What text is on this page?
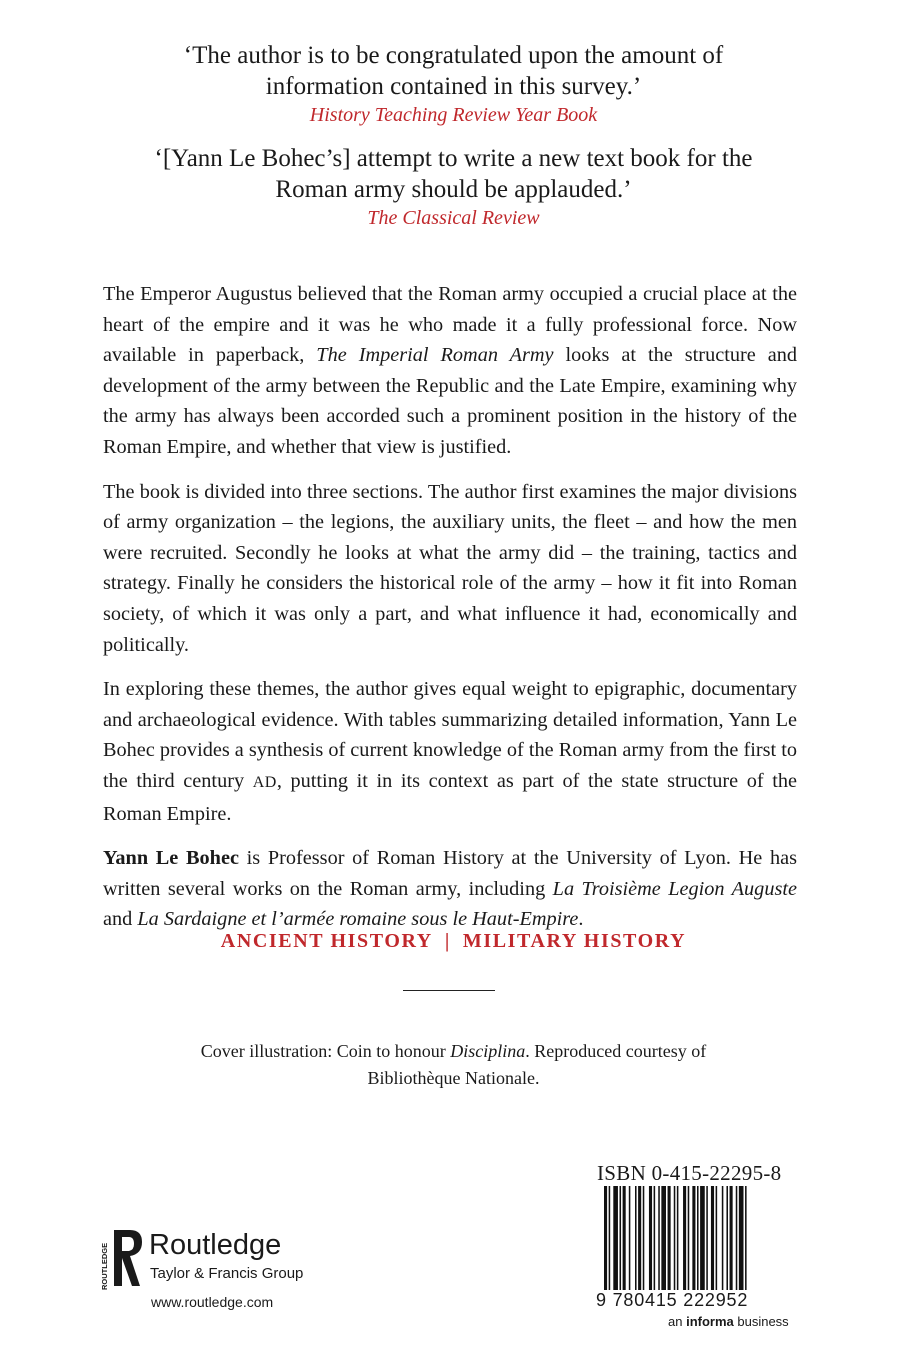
‘The author is to be congratulated upon the amount of
information contained in this survey.’
History Teaching Review Year Book
‘[Yann Le Bohec’s] attempt to write a new text book for the
Roman army should be applauded.’
The Classical Review

The Emperor Augustus believed that the Roman army occupied a crucial place at the heart of the empire and it was he who made it a fully professional force. Now available in paperback, The Imperial Roman Army looks at the structure and development of the army between the Republic and the Late Empire, examining why the army has always been accorded such a prominent position in the history of the Roman Empire, and whether that view is justified.

The book is divided into three sections. The author first examines the major divisions of army organization – the legions, the auxiliary units, the fleet – and how the men were recruited. Secondly he looks at what the army did – the training, tactics and strategy. Finally he considers the historical role of the army – how it fit into Roman society, of which it was only a part, and what influence it had, economically and politically.

In exploring these themes, the author gives equal weight to epigraphic, documentary and archaeological evidence. With tables summarizing detailed information, Yann Le Bohec provides a synthesis of current knowledge of the Roman army from the first to the third century AD, putting it in its context as part of the state structure of the Roman Empire.

Yann Le Bohec is Professor of Roman History at the University of Lyon. He has written several works on the Roman army, including La Troisième Legion Auguste and La Sardaigne et l’armée romaine sous le Haut-Empire.

ANCIENT HISTORY | MILITARY HISTORY
Cover illustration: Coin to honour Disciplina. Reproduced courtesy of
Bibliothèque Nationale.
ROUTLEDGE Routledge
Taylor & Francis Group
www.routledge.com
ISBN 0-415-22295-8
9 780415 222952
an informa business
